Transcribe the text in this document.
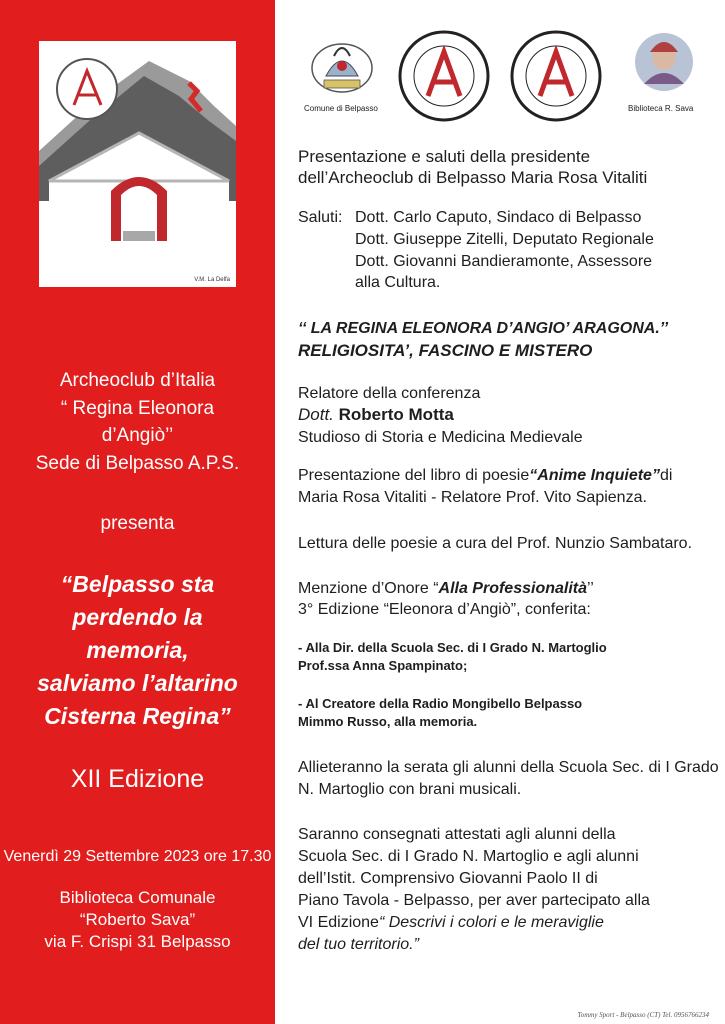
V.M. La Delfa
Archeoclub d’Italia
“ Regina Eleonora
d’Angiò’’
Sede di Belpasso A.P.S.
presenta
“Belpasso sta
perdendo la
memoria,
salviamo l’altarino
Cisterna Regina”
XII Edizione
Venerdì 29 Settembre 2023 ore 17.30
Biblioteca Comunale
“Roberto Sava”
via F. Crispi 31 Belpasso
Comune di Belpasso	Biblioteca R. Sava
Presentazione e saluti della presidente
dell’Archeoclub di Belpasso Maria Rosa Vitaliti
Saluti: Dott. Carlo Caputo, Sindaco di Belpasso
Dott. Giuseppe Zitelli, Deputato Regionale
Dott. Giovanni Bandieramonte, Assessore
alla Cultura.
‘‘ LA REGINA ELEONORA D’ANGIO’ ARAGONA.’’
RELIGIOSITA’, FASCINO E MISTERO
Relatore della conferenza
Dott. Roberto Motta
Studioso di Storia e Medicina Medievale
Presentazione del libro di poesie“Anime Inquiete”di
Maria Rosa Vitaliti - Relatore Prof. Vito Sapienza.
Lettura delle poesie a cura del Prof. Nunzio Sambataro.
Menzione d’Onore “Alla Professionalità’’
3° Edizione “Eleonora d’Angiò”, conferita:
- Alla Dir. della Scuola Sec. di I Grado N. Martoglio
Prof.ssa Anna Spampinato;
- Al Creatore della Radio Mongibello Belpasso
Mimmo Russo, alla memoria.
Allieteranno la serata gli alunni della Scuola Sec. di I Grado
N. Martoglio con brani musicali.
Saranno consegnati attestati agli alunni della
Scuola Sec. di I Grado N. Martoglio e agli alunni
dell’Istit. Comprensivo Giovanni Paolo II di
Piano Tavola - Belpasso, per aver partecipato alla
VI Edizione“ Descrivi i colori e le meraviglie
del tuo territorio.”
Tommy Sport - Belpasso (CT) Tel. 0956766234
